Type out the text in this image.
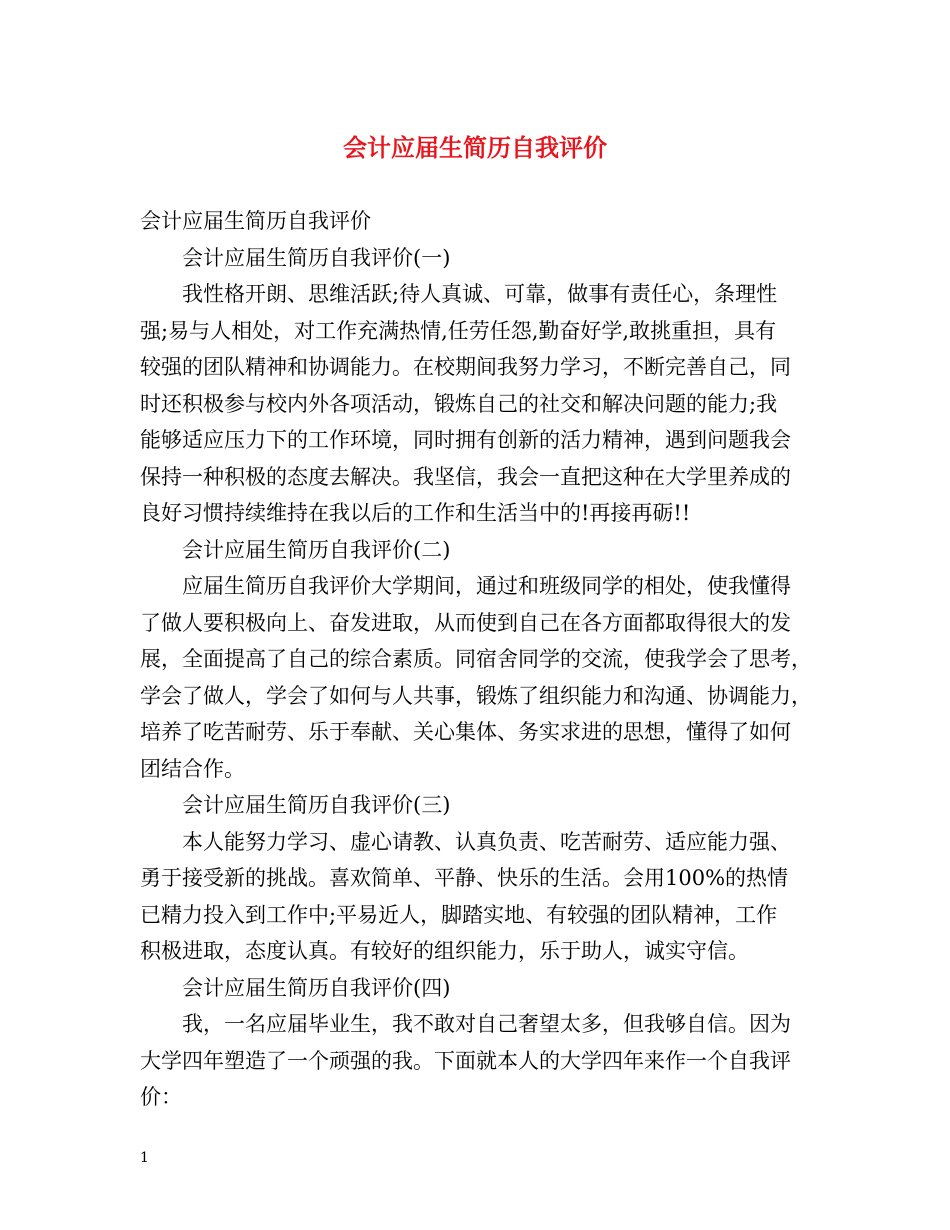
会计应届生简历自我评价
会计应届生简历自我评价
会计应届生简历自我评价(一)
我性格开朗、思维活跃;待人真诚、可靠，做事有责任心，条理性
强;易与人相处，对工作充满热情,任劳任怨,勤奋好学,敢挑重担，具有
较强的团队精神和协调能力。在校期间我努力学习，不断完善自己，同
时还积极参与校内外各项活动，锻炼自己的社交和解决问题的能力;我
能够适应压力下的工作环境，同时拥有创新的活力精神，遇到问题我会
保持一种积极的态度去解决。我坚信，我会一直把这种在大学里养成的
良好习惯持续维持在我以后的工作和生活当中的!再接再砺!!
会计应届生简历自我评价(二)
应届生简历自我评价大学期间，通过和班级同学的相处，使我懂得
了做人要积极向上、奋发进取，从而使到自己在各方面都取得很大的发
展，全面提高了自己的综合素质。同宿舍同学的交流，使我学会了思考，
学会了做人，学会了如何与人共事，锻炼了组织能力和沟通、协调能力，
培养了吃苦耐劳、乐于奉献、关心集体、务实求进的思想，懂得了如何
团结合作。
会计应届生简历自我评价(三)
本人能努力学习、虚心请教、认真负责、吃苦耐劳、适应能力强、
勇于接受新的挑战。喜欢简单、平静、快乐的生活。会用100%的热情
已精力投入到工作中;平易近人，脚踏实地、有较强的团队精神，工作
积极进取，态度认真。有较好的组织能力，乐于助人，诚实守信。
会计应届生简历自我评价(四)
我，一名应届毕业生，我不敢对自己奢望太多，但我够自信。因为
大学四年塑造了一个顽强的我。下面就本人的大学四年来作一个自我评
价：
1
